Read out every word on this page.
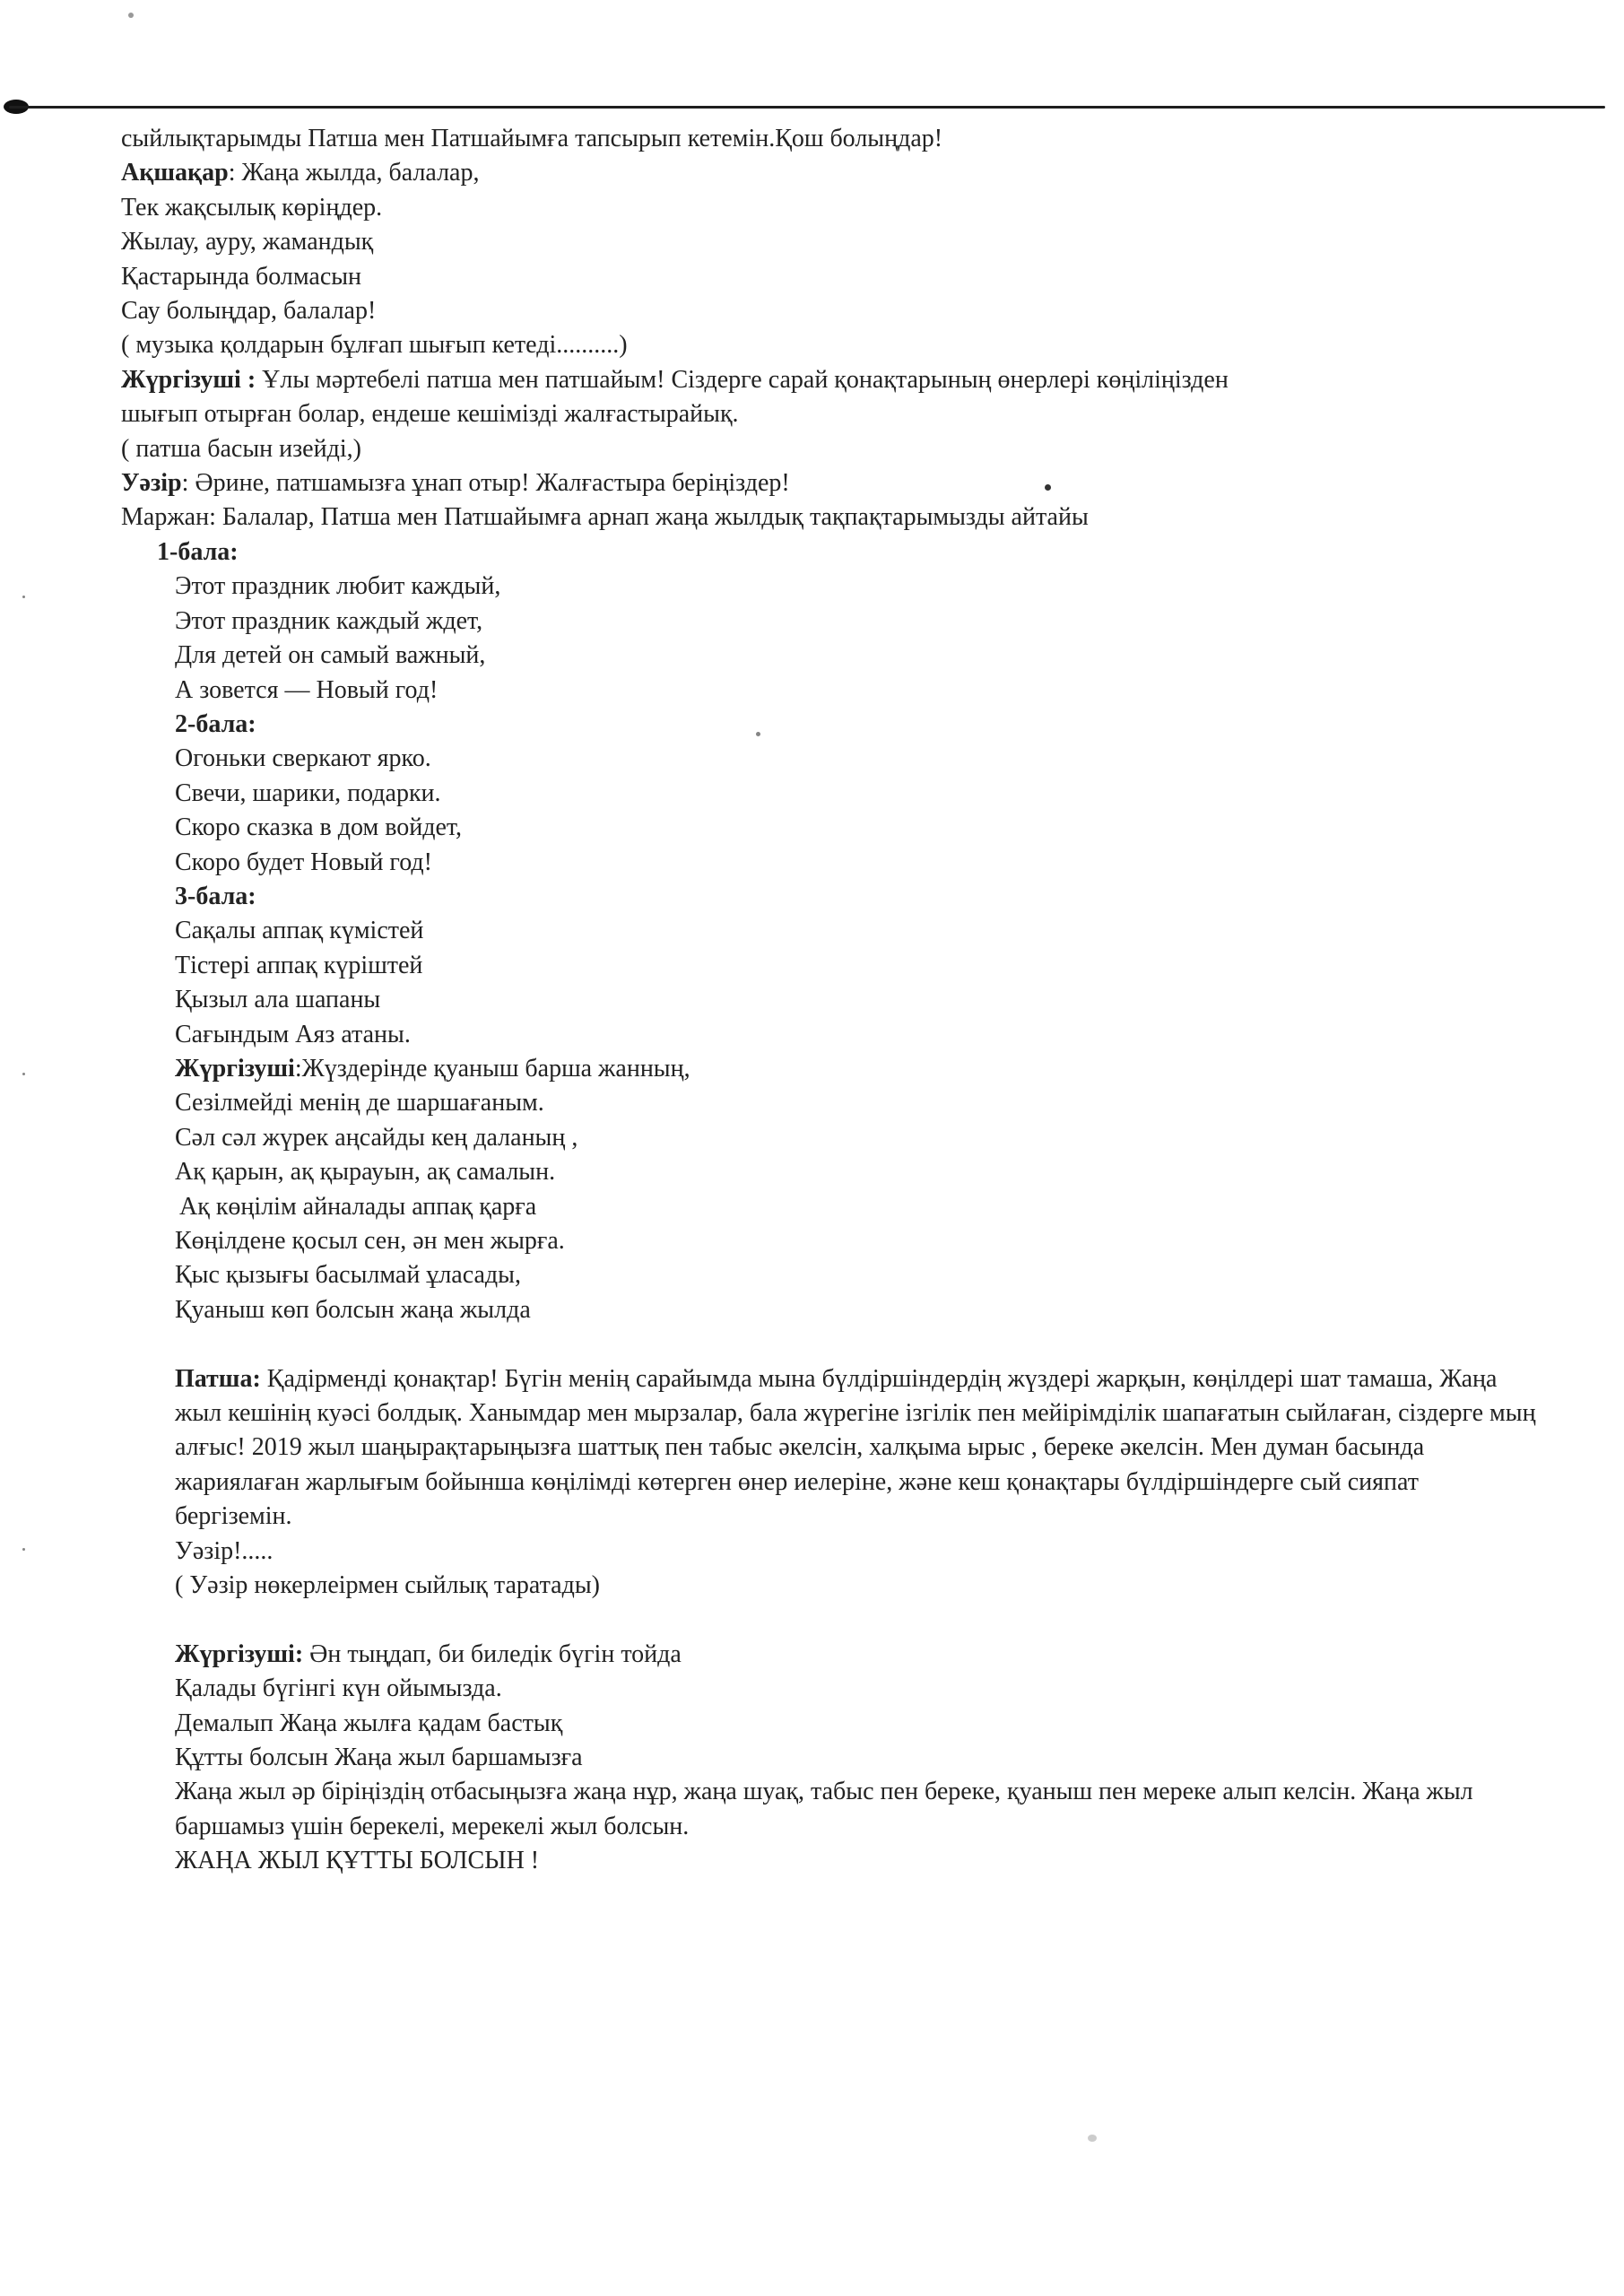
сыйлықтарымды Патша мен Патшайымға тапсырып кетемін.Қош болыңдар!
Ақшақар: Жаңа жылда, балалар,
Тек жақсылық көріңдер.
Жылау, ауру, жамандық
Қастарында болмасын
Сау болыңдар, балалар!
( музыка қолдарын бұлғап шығып кетеді..........)
Жүргізуші : Ұлы мәртебелі патша мен патшайым! Сіздерге сарай қонақтарының өнерлері көңіліңізден
шығып отырған болар, ендеше кешімізді жалғастырайық.
( патша басын изейді,)
Уәзір: Әрине, патшамызға ұнап отыр! Жалғастыра беріңіздер!
Маржан: Балалар, Патша мен Патшайымға арнап жаңа жылдық тақпақтарымызды айтайы
1-бала:
Этот праздник любит каждый,
Этот праздник каждый ждет,
Для детей он самый важный,
А зовется — Новый год!
2-бала:
Огоньки сверкают ярко.
Свечи, шарики, подарки.
Скоро сказка в дом войдет,
Скоро будет Новый год!
3-бала:
Сақалы аппақ күмістей
Тістері аппақ күріштей
Қызыл ала шапаны
Сағындым Аяз атаны.
Жүргізуші:Жүздерінде қуаныш барша жанның,
Сезілмейді менің де шаршағаным.
Сәл сәл жүрек аңсайды кең даланың ,
Ақ қарын, ақ қырауын, ақ самалын.
Ақ көңілім айналады аппақ қарға
Көңілдене қосыл сен, ән мен жырға.
Қыс қызығы басылмай ұласады,
Қуаныш көп болсын жаңа жылда
Патша: Қадірменді қонақтар! Бүгін менің сарайымда мына бүлдіршіндердің жүздері жарқын, көңілдері шат тамаша, Жаңа жыл кешінің куәсі болдық. Ханымдар мен мырзалар, бала жүрегіне ізгілік пен мейірімділік шапағатын сыйлаған, сіздерге мың алғыс! 2019 жыл шаңырақтарыңызға шаттық пен табыс әкелсін, халқыма ырыс , береке әкелсін. Мен думан басында жариялаған жарлығым бойынша көңілімді көтерген өнер иелеріне, және кеш қонақтары бүлдіршіндерге сый сияпат бергіземін.
Уәзір!.....
( Уәзір нөкерлеірмен сыйлық таратады)
Жүргізуші: Ән тыңдап, би биледік бүгін тойда
Қалады бүгінгі күн ойымызда.
Демалып Жаңа жылға қадам бастық
Құтты болсын Жаңа жыл баршамызға
Жаңа жыл әр біріңіздің отбасыңызға жаңа нұр, жаңа шуақ, табыс пен береке, қуаныш пен мереке алып келсін. Жаңа жыл баршамыз үшін берекелі, мерекелі жыл болсын.
ЖАҢА ЖЫЛ ҚҰТТЫ БОЛСЫН !
